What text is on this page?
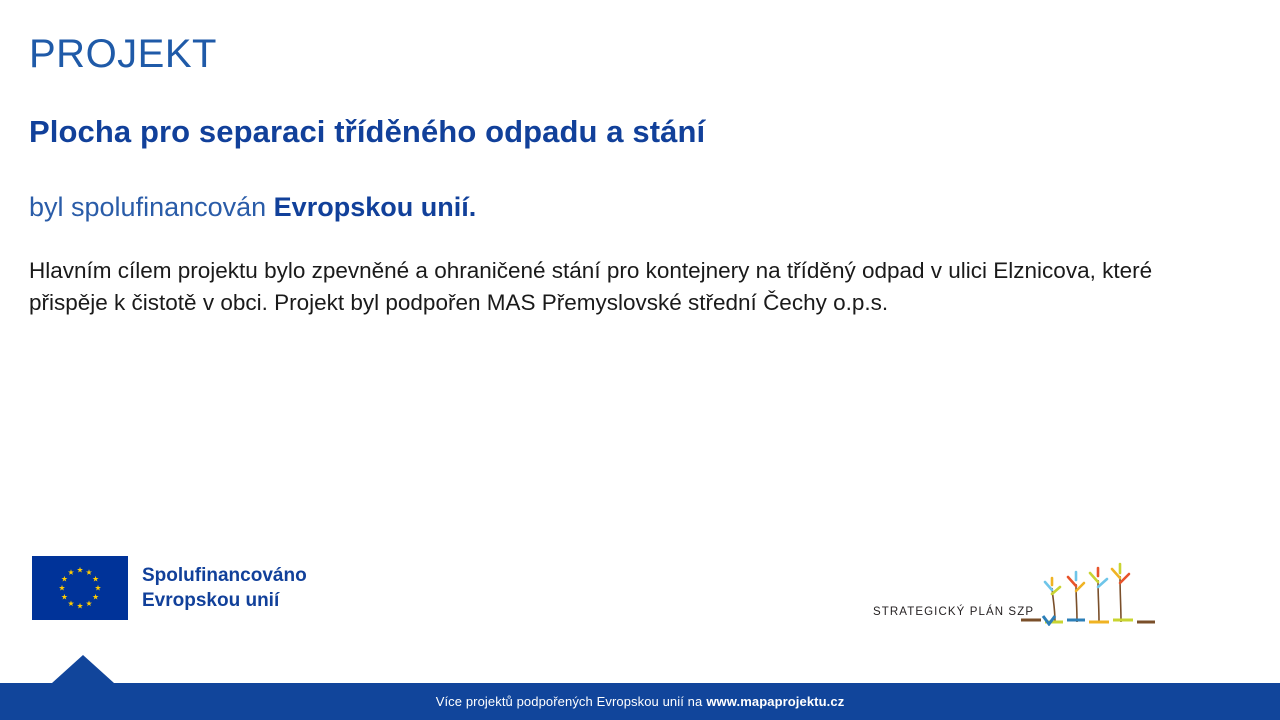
PROJEKT
Plocha pro separaci tříděného odpadu a stání
byl spolufinancován Evropskou unií.
Hlavním cílem projektu bylo zpevněné a ohraničené stání pro kontejnery na tříděný odpad v ulici Elznicova, které přispěje k čistotě v obci. Projekt byl podpořen MAS Přemyslovské střední Čechy o.p.s.
Spolufinancováno
Evropskou unií
STRATEGICKÝ PLÁN SZP
Více projektů podpořených Evropskou unií na www.mapaprojektu.cz
